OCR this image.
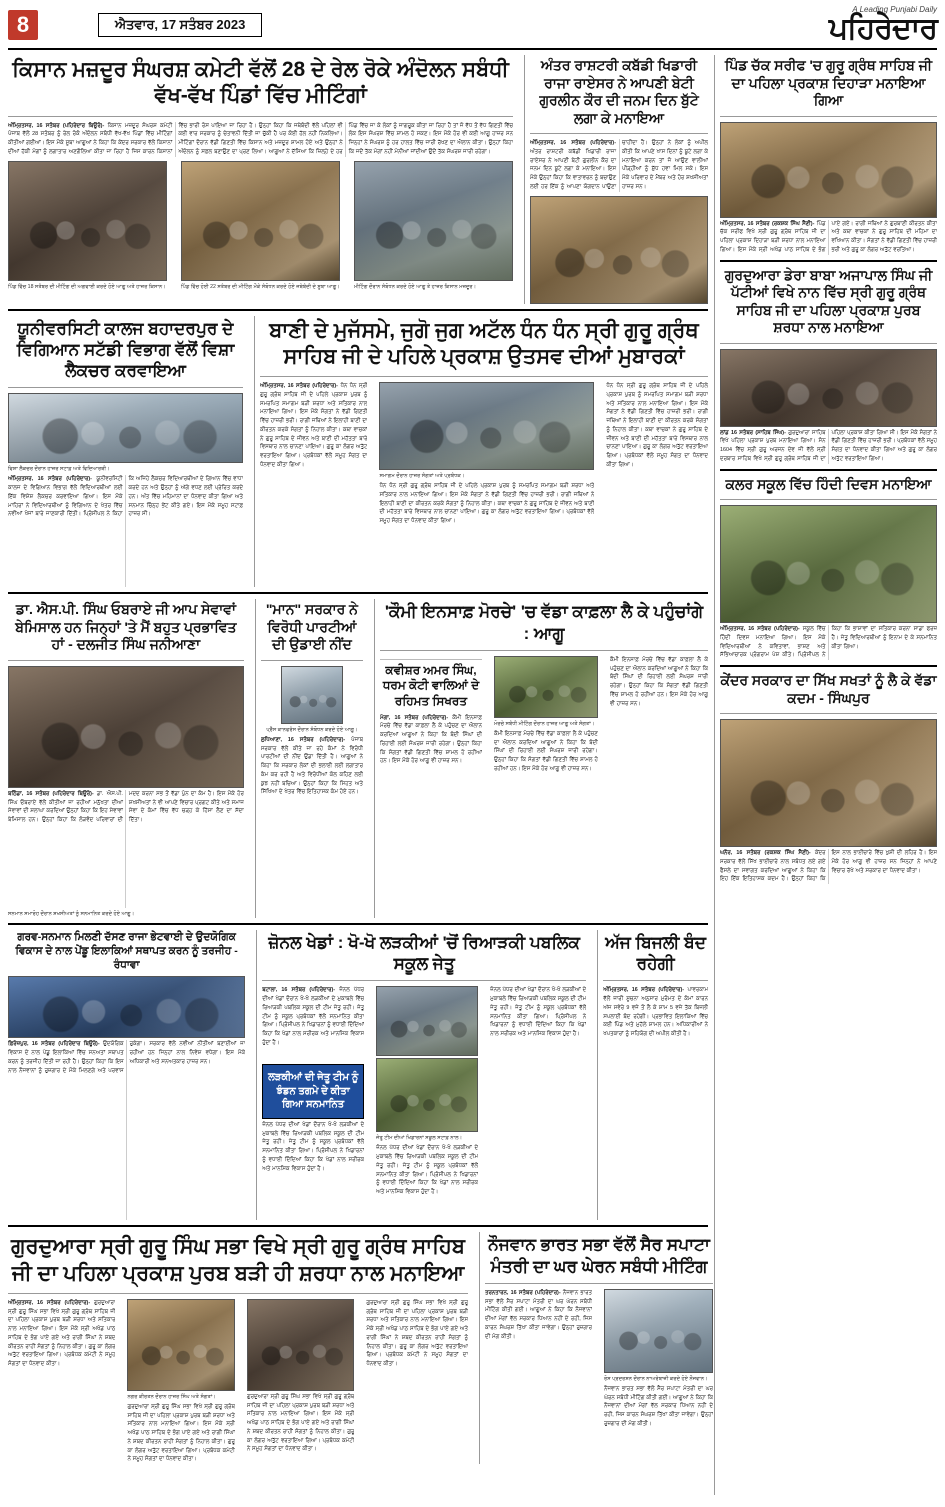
8	ਐਤਵਾਰ, 17 ਸਤੰਬਰ 2023
A Leading Punjabi Daily
ਪਹਿਰੇਦਾਰ
ਕਿਸਾਨ ਮਜ਼ਦੂਰ ਸੰਘਰਸ਼ ਕਮੇਟੀ ਵੱਲੋਂ 28 ਦੇ ਰੇਲ ਰੋਕੇ ਅੰਦੋਲਨ ਸਬੰਧੀ ਵੱਖ-ਵੱਖ ਪਿੰਡਾਂ ਵਿੱਚ ਮੀਟਿੰਗਾਂ
ਅੰਮ੍ਰਿਤਸਰ, 16 ਸਤੰਬਰ (ਪਹਿਰੇਦਾਰ ਬਿਊਰੋ)- ਕਿਸਾਨ ਮਜ਼ਦੂਰ ਸੰਘਰਸ਼ ਕਮੇਟੀ ਪੰਜਾਬ ਵੱਲੋਂ 28 ਸਤੰਬਰ ਨੂੰ ਰੇਲ ਰੋਕੋ ਅੰਦੋਲਨ ਸਬੰਧੀ ਵੱਖ-ਵੱਖ ਪਿੰਡਾਂ ਵਿੱਚ ਮੀਟਿੰਗਾਂ ਕੀਤੀਆਂ ਗਈਆਂ। ਇਸ ਮੌਕੇ ਸੂਬਾ ਆਗੂਆਂ ਨੇ ਕਿਹਾ ਕਿ ਕੇਂਦਰ ਸਰਕਾਰ ਵੱਲੋਂ ਕਿਸਾਨਾਂ ਦੀਆਂ ਹੱਕੀ ਮੰਗਾਂ ਨੂੰ ਲਗਾਤਾਰ ਅਣਗੌਲਿਆ ਕੀਤਾ ਜਾ ਰਿਹਾ ਹੈ ਜਿਸ ਕਾਰਨ ਕਿਸਾਨਾਂ ਵਿੱਚ ਭਾਰੀ ਰੋਸ ਪਾਇਆ ਜਾ ਰਿਹਾ ਹੈ। ਉਨ੍ਹਾਂ ਕਿਹਾ ਕਿ ਜਥੇਬੰਦੀ ਵੱਲੋਂ ਪਹਿਲਾਂ ਵੀ ਕਈ ਵਾਰ ਸਰਕਾਰ ਨੂੰ ਚੇਤਾਵਨੀ ਦਿੱਤੀ ਜਾ ਚੁੱਕੀ ਹੈ ਪਰ ਕੋਈ ਹੱਲ ਨਹੀਂ ਨਿਕਲਿਆ। ਮੀਟਿੰਗਾਂ ਦੌਰਾਨ ਵੱਡੀ ਗਿਣਤੀ ਵਿੱਚ ਕਿਸਾਨ ਅਤੇ ਮਜ਼ਦੂਰ ਸ਼ਾਮਲ ਹੋਏ ਅਤੇ ਉਨ੍ਹਾਂ ਨੇ ਅੰਦੋਲਨ ਨੂੰ ਸਫ਼ਲ ਬਣਾਉਣ ਦਾ ਪ੍ਰਣ ਲਿਆ। ਆਗੂਆਂ ਨੇ ਦੱਸਿਆ ਕਿ ਜ਼ਿਲ੍ਹੇ ਦੇ ਹਰ ਪਿੰਡ ਵਿੱਚ ਜਾ ਕੇ ਲੋਕਾਂ ਨੂੰ ਜਾਗਰੂਕ ਕੀਤਾ ਜਾ ਰਿਹਾ ਹੈ ਤਾਂ ਜੋ ਵੱਧ ਤੋਂ ਵੱਧ ਗਿਣਤੀ ਵਿੱਚ ਲੋਕ ਇਸ ਸੰਘਰਸ਼ ਵਿੱਚ ਸ਼ਾਮਲ ਹੋ ਸਕਣ। ਇਸ ਮੌਕੇ ਹੋਰ ਵੀ ਕਈ ਆਗੂ ਹਾਜ਼ਰ ਸਨ ਜਿਨ੍ਹਾਂ ਨੇ ਸੰਘਰਸ਼ ਨੂੰ ਹਰ ਹਾਲਤ ਵਿੱਚ ਜਾਰੀ ਰੱਖਣ ਦਾ ਐਲਾਨ ਕੀਤਾ। ਉਨ੍ਹਾਂ ਕਿਹਾ ਕਿ ਜਦੋਂ ਤੱਕ ਮੰਗਾਂ ਨਹੀਂ ਮੰਨੀਆਂ ਜਾਂਦੀਆਂ ਉਦੋਂ ਤੱਕ ਸੰਘਰਸ਼ ਜਾਰੀ ਰਹੇਗਾ।
ਪਿੰਡ ਵਿੱਚ 18 ਸਤੰਬਰ ਦੀ ਮੀਟਿੰਗ ਦੀ ਅਗਵਾਈ ਕਰਦੇ ਹੋਏ ਆਗੂ ਅਤੇ ਹਾਜ਼ਰ ਕਿਸਾਨ।	ਪਿੰਡ ਵਿੱਚ ਹੋਈ 22 ਸਤੰਬਰ ਦੀ ਮੀਟਿੰਗ ਮੌਕੇ ਸੰਬੋਧਨ ਕਰਦੇ ਹੋਏ ਜਥੇਬੰਦੀ ਦੇ ਸੂਬਾ ਆਗੂ।	ਮੀਟਿੰਗ ਦੌਰਾਨ ਸੰਬੋਧਨ ਕਰਦੇ ਹੋਏ ਆਗੂ ਤੇ ਹਾਜ਼ਰ ਕਿਸਾਨ ਮਜ਼ਦੂਰ।
ਅੰਤਰ ਰਾਸ਼ਟਰੀ ਕਬੱਡੀ ਖਿਡਾਰੀ ਰਾਜਾ ਰਾਏਸਰ ਨੇ ਆਪਣੀ ਬੇਟੀ ਗੁਰਲੀਨ ਕੌਰ ਦੀ ਜਨਮ ਦਿਨ ਬੁੱਟੇ ਲਗਾ ਕੇ ਮਨਾਇਆ
ਅੰਮ੍ਰਿਤਸਰ, 16 ਸਤੰਬਰ (ਪਹਿਰੇਦਾਰ)- ਅੰਤਰ ਰਾਸ਼ਟਰੀ ਕਬੱਡੀ ਖਿਡਾਰੀ ਰਾਜਾ ਰਾਏਸਰ ਨੇ ਆਪਣੀ ਬੇਟੀ ਗੁਰਲੀਨ ਕੌਰ ਦਾ ਜਨਮ ਦਿਨ ਬੂਟੇ ਲਗਾ ਕੇ ਮਨਾਇਆ। ਇਸ ਮੌਕੇ ਉਨ੍ਹਾਂ ਕਿਹਾ ਕਿ ਵਾਤਾਵਰਨ ਨੂੰ ਬਚਾਉਣ ਲਈ ਹਰ ਇੱਕ ਨੂੰ ਆਪਣਾ ਯੋਗਦਾਨ ਪਾਉਣਾ ਚਾਹੀਦਾ ਹੈ। ਉਨ੍ਹਾਂ ਨੇ ਲੋਕਾਂ ਨੂੰ ਅਪੀਲ ਕੀਤੀ ਕਿ ਆਪਣੇ ਖਾਸ ਦਿਨਾਂ ਨੂੰ ਬੂਟੇ ਲਗਾ ਕੇ ਮਨਾਇਆ ਕਰਨ ਤਾਂ ਜੋ ਆਉਣ ਵਾਲੀਆਂ ਪੀੜ੍ਹੀਆਂ ਨੂੰ ਸ਼ੁੱਧ ਹਵਾ ਮਿਲ ਸਕੇ। ਇਸ ਮੌਕੇ ਪਰਿਵਾਰ ਦੇ ਮੈਂਬਰ ਅਤੇ ਹੋਰ ਸ਼ਖਸੀਅਤਾਂ ਹਾਜ਼ਰ ਸਨ।
ਯੂਨੀਵਰਸਿਟੀ ਕਾਲਜ ਬਹਾਦਰਪੁਰ ਦੇ ਵਿਗਿਆਨ ਸਟੱਡੀ ਵਿਭਾਗ ਵੱਲੋਂ ਵਿਸ਼ਾ ਲੈਕਚਰ ਕਰਵਾਇਆ
ਵਿਸ਼ਾ ਲੈਕਚਰ ਦੌਰਾਨ ਹਾਜ਼ਰ ਸਟਾਫ਼ ਅਤੇ ਵਿਦਿਆਰਥੀ।
ਅੰਮ੍ਰਿਤਸਰ, 16 ਸਤੰਬਰ (ਪਹਿਰੇਦਾਰ)- ਯੂਨੀਵਰਸਿਟੀ ਕਾਲਜ ਦੇ ਵਿਗਿਆਨ ਵਿਭਾਗ ਵੱਲੋਂ ਵਿਦਿਆਰਥੀਆਂ ਲਈ ਇੱਕ ਵਿਸ਼ੇਸ਼ ਲੈਕਚਰ ਕਰਵਾਇਆ ਗਿਆ। ਇਸ ਮੌਕੇ ਮਾਹਿਰਾਂ ਨੇ ਵਿਦਿਆਰਥੀਆਂ ਨੂੰ ਵਿਗਿਆਨ ਦੇ ਖੇਤਰ ਵਿੱਚ ਨਵੀਆਂ ਖੋਜਾਂ ਬਾਰੇ ਜਾਣਕਾਰੀ ਦਿੱਤੀ। ਪ੍ਰਿੰਸੀਪਲ ਨੇ ਕਿਹਾ ਕਿ ਅਜਿਹੇ ਲੈਕਚਰ ਵਿਦਿਆਰਥੀਆਂ ਦੇ ਗਿਆਨ ਵਿੱਚ ਵਾਧਾ ਕਰਦੇ ਹਨ ਅਤੇ ਉਨ੍ਹਾਂ ਨੂੰ ਅੱਗੇ ਵਧਣ ਲਈ ਪ੍ਰੇਰਿਤ ਕਰਦੇ ਹਨ। ਅੰਤ ਵਿੱਚ ਮਹਿਮਾਨਾਂ ਦਾ ਧੰਨਵਾਦ ਕੀਤਾ ਗਿਆ ਅਤੇ ਸਨਮਾਨ ਚਿੰਨ੍ਹ ਭੇਂਟ ਕੀਤੇ ਗਏ। ਇਸ ਮੌਕੇ ਸਮੂਹ ਸਟਾਫ਼ ਹਾਜ਼ਰ ਸੀ।
ਬਾਣੀ ਦੇ ਮੁਜੱਸਮੇ, ਜੁਗੋ ਜੁਗ ਅਟੱਲ ਧੰਨ ਧੰਨ ਸ੍ਰੀ ਗੁਰੂ ਗ੍ਰੰਥ ਸਾਹਿਬ ਜੀ ਦੇ ਪਹਿਲੇ ਪ੍ਰਕਾਸ਼ ਉਤਸਵ ਦੀਆਂ ਮੁਬਾਰਕਾਂ
ਅੰਮ੍ਰਿਤਸਰ, 16 ਸਤੰਬਰ (ਪਹਿਰੇਦਾਰ)- ਧੰਨ ਧੰਨ ਸ੍ਰੀ ਗੁਰੂ ਗ੍ਰੰਥ ਸਾਹਿਬ ਜੀ ਦੇ ਪਹਿਲੇ ਪ੍ਰਕਾਸ਼ ਪੁਰਬ ਨੂੰ ਸਮਰਪਿਤ ਸਮਾਗਮ ਬੜੀ ਸ਼ਰਧਾ ਅਤੇ ਸਤਿਕਾਰ ਨਾਲ ਮਨਾਇਆ ਗਿਆ। ਇਸ ਮੌਕੇ ਸੰਗਤਾਂ ਨੇ ਵੱਡੀ ਗਿਣਤੀ ਵਿੱਚ ਹਾਜ਼ਰੀ ਭਰੀ। ਰਾਗੀ ਜਥਿਆਂ ਨੇ ਇਲਾਹੀ ਬਾਣੀ ਦਾ ਕੀਰਤਨ ਕਰਕੇ ਸੰਗਤਾਂ ਨੂੰ ਨਿਹਾਲ ਕੀਤਾ। ਕਥਾ ਵਾਚਕਾਂ ਨੇ ਗੁਰੂ ਸਾਹਿਬ ਦੇ ਜੀਵਨ ਅਤੇ ਬਾਣੀ ਦੀ ਮਹੱਤਤਾ ਬਾਰੇ ਵਿਸਥਾਰ ਨਾਲ ਚਾਨਣਾ ਪਾਇਆ। ਗੁਰੂ ਕਾ ਲੰਗਰ ਅਤੁੱਟ ਵਰਤਾਇਆ ਗਿਆ। ਪ੍ਰਬੰਧਕਾਂ ਵੱਲੋਂ ਸਮੂਹ ਸੰਗਤ ਦਾ ਧੰਨਵਾਦ ਕੀਤਾ ਗਿਆ।
ਸਮਾਗਮ ਦੌਰਾਨ ਹਾਜ਼ਰ ਸੰਗਤਾਂ ਅਤੇ ਪ੍ਰਬੰਧਕ।
ਧੰਨ ਧੰਨ ਸ੍ਰੀ ਗੁਰੂ ਗ੍ਰੰਥ ਸਾਹਿਬ ਜੀ ਦੇ ਪਹਿਲੇ ਪ੍ਰਕਾਸ਼ ਪੁਰਬ ਨੂੰ ਸਮਰਪਿਤ ਸਮਾਗਮ ਬੜੀ ਸ਼ਰਧਾ ਅਤੇ ਸਤਿਕਾਰ ਨਾਲ ਮਨਾਇਆ ਗਿਆ। ਇਸ ਮੌਕੇ ਸੰਗਤਾਂ ਨੇ ਵੱਡੀ ਗਿਣਤੀ ਵਿੱਚ ਹਾਜ਼ਰੀ ਭਰੀ। ਰਾਗੀ ਜਥਿਆਂ ਨੇ ਇਲਾਹੀ ਬਾਣੀ ਦਾ ਕੀਰਤਨ ਕਰਕੇ ਸੰਗਤਾਂ ਨੂੰ ਨਿਹਾਲ ਕੀਤਾ। ਕਥਾ ਵਾਚਕਾਂ ਨੇ ਗੁਰੂ ਸਾਹਿਬ ਦੇ ਜੀਵਨ ਅਤੇ ਬਾਣੀ ਦੀ ਮਹੱਤਤਾ ਬਾਰੇ ਵਿਸਥਾਰ ਨਾਲ ਚਾਨਣਾ ਪਾਇਆ। ਗੁਰੂ ਕਾ ਲੰਗਰ ਅਤੁੱਟ ਵਰਤਾਇਆ ਗਿਆ। ਪ੍ਰਬੰਧਕਾਂ ਵੱਲੋਂ ਸਮੂਹ ਸੰਗਤ ਦਾ ਧੰਨਵਾਦ ਕੀਤਾ ਗਿਆ।
ਧੰਨ ਧੰਨ ਸ੍ਰੀ ਗੁਰੂ ਗ੍ਰੰਥ ਸਾਹਿਬ ਜੀ ਦੇ ਪਹਿਲੇ ਪ੍ਰਕਾਸ਼ ਪੁਰਬ ਨੂੰ ਸਮਰਪਿਤ ਸਮਾਗਮ ਬੜੀ ਸ਼ਰਧਾ ਅਤੇ ਸਤਿਕਾਰ ਨਾਲ ਮਨਾਇਆ ਗਿਆ। ਇਸ ਮੌਕੇ ਸੰਗਤਾਂ ਨੇ ਵੱਡੀ ਗਿਣਤੀ ਵਿੱਚ ਹਾਜ਼ਰੀ ਭਰੀ। ਰਾਗੀ ਜਥਿਆਂ ਨੇ ਇਲਾਹੀ ਬਾਣੀ ਦਾ ਕੀਰਤਨ ਕਰਕੇ ਸੰਗਤਾਂ ਨੂੰ ਨਿਹਾਲ ਕੀਤਾ। ਕਥਾ ਵਾਚਕਾਂ ਨੇ ਗੁਰੂ ਸਾਹਿਬ ਦੇ ਜੀਵਨ ਅਤੇ ਬਾਣੀ ਦੀ ਮਹੱਤਤਾ ਬਾਰੇ ਵਿਸਥਾਰ ਨਾਲ ਚਾਨਣਾ ਪਾਇਆ। ਗੁਰੂ ਕਾ ਲੰਗਰ ਅਤੁੱਟ ਵਰਤਾਇਆ ਗਿਆ। ਪ੍ਰਬੰਧਕਾਂ ਵੱਲੋਂ ਸਮੂਹ ਸੰਗਤ ਦਾ ਧੰਨਵਾਦ ਕੀਤਾ ਗਿਆ।
ਡਾ. ਐਸ.ਪੀ. ਸਿੰਘ ਓਬਰਾਏ ਜੀ ਆਪ ਸੇਵਾਵਾਂ ਬੇਮਿਸਾਲ ਹਨ ਜਿਨ੍ਹਾਂ 'ਤੇ ਮੈਂ ਬਹੁਤ ਪ੍ਰਭਾਵਿਤ ਹਾਂ - ਦਲਜੀਤ ਸਿੰਘ ਜਨੀਆਣਾ
ਬਠਿੰਡਾ, 16 ਸਤੰਬਰ (ਪਹਿਰੇਦਾਰ ਬਿਊਰੋ)- ਡਾ. ਐਸ.ਪੀ. ਸਿੰਘ ਓਬਰਾਏ ਵੱਲੋਂ ਕੀਤੀਆਂ ਜਾ ਰਹੀਆਂ ਮਨੁੱਖਤਾ ਦੀਆਂ ਸੇਵਾਵਾਂ ਦੀ ਸ਼ਲਾਘਾ ਕਰਦਿਆਂ ਉਨ੍ਹਾਂ ਕਿਹਾ ਕਿ ਇਹ ਸੇਵਾਵਾਂ ਬੇਮਿਸਾਲ ਹਨ। ਉਨ੍ਹਾਂ ਕਿਹਾ ਕਿ ਲੋੜਵੰਦ ਪਰਿਵਾਰਾਂ ਦੀ ਮਦਦ ਕਰਨਾ ਸਭ ਤੋਂ ਵੱਡਾ ਪੁੰਨ ਦਾ ਕੰਮ ਹੈ। ਇਸ ਮੌਕੇ ਹੋਰ ਸ਼ਖਸੀਅਤਾਂ ਨੇ ਵੀ ਆਪਣੇ ਵਿਚਾਰ ਪ੍ਰਗਟ ਕੀਤੇ ਅਤੇ ਸਮਾਜ ਸੇਵਾ ਦੇ ਕੰਮਾਂ ਵਿੱਚ ਵੱਧ ਚੜ੍ਹ ਕੇ ਹਿੱਸਾ ਲੈਣ ਦਾ ਸੱਦਾ ਦਿੱਤਾ।
ਸਨਮਾਨ ਸਮਾਰੋਹ ਦੌਰਾਨ ਸ਼ਖਸੀਅਤਾਂ ਨੂੰ ਸਨਮਾਨਿਤ ਕਰਦੇ ਹੋਏ ਆਗੂ।
"ਮਾਨ" ਸਰਕਾਰ ਨੇ ਵਿਰੋਧੀ ਪਾਰਟੀਆਂ ਦੀ ਉਡਾਈ ਨੀਂਦ
ਪ੍ਰੈੱਸ ਕਾਨਫਰੰਸ ਦੌਰਾਨ ਸੰਬੋਧਨ ਕਰਦੇ ਹੋਏ ਆਗੂ।
ਲੁਧਿਆਣਾ, 16 ਸਤੰਬਰ (ਪਹਿਰੇਦਾਰ)- ਪੰਜਾਬ ਸਰਕਾਰ ਵੱਲੋਂ ਕੀਤੇ ਜਾ ਰਹੇ ਕੰਮਾਂ ਨੇ ਵਿਰੋਧੀ ਪਾਰਟੀਆਂ ਦੀ ਨੀਂਦ ਉਡਾ ਦਿੱਤੀ ਹੈ। ਆਗੂਆਂ ਨੇ ਕਿਹਾ ਕਿ ਸਰਕਾਰ ਲੋਕਾਂ ਦੀ ਭਲਾਈ ਲਈ ਲਗਾਤਾਰ ਕੰਮ ਕਰ ਰਹੀ ਹੈ ਅਤੇ ਵਿਰੋਧੀਆਂ ਕੋਲ ਕਹਿਣ ਲਈ ਕੁਝ ਨਹੀਂ ਬਚਿਆ। ਉਨ੍ਹਾਂ ਕਿਹਾ ਕਿ ਸਿਹਤ ਅਤੇ ਸਿੱਖਿਆ ਦੇ ਖੇਤਰ ਵਿੱਚ ਇਤਿਹਾਸਕ ਕੰਮ ਹੋਏ ਹਨ।
'ਕੌਮੀ ਇਨਸਾਫ਼ ਮੋਰਚੇ' 'ਚ ਵੱਡਾ ਕਾਫ਼ਲਾ ਲੈ ਕੇ ਪਹੁੰਚਾਂਗੇ : ਆਗੂ
ਕਵੀਸ਼ਰ ਅਮਰ ਸਿੰਘ, ਧਰਮ ਕੋਟੀ ਵਾਲਿਆਂ ਦੇ ਰਹਿਮਤ ਸਿਖਰਤ
ਮੋਗਾ, 16 ਸਤੰਬਰ (ਪਹਿਰੇਦਾਰ)- ਕੌਮੀ ਇਨਸਾਫ਼ ਮੋਰਚੇ ਵਿੱਚ ਵੱਡਾ ਕਾਫ਼ਲਾ ਲੈ ਕੇ ਪਹੁੰਚਣ ਦਾ ਐਲਾਨ ਕਰਦਿਆਂ ਆਗੂਆਂ ਨੇ ਕਿਹਾ ਕਿ ਬੰਦੀ ਸਿੰਘਾਂ ਦੀ ਰਿਹਾਈ ਲਈ ਸੰਘਰਸ਼ ਜਾਰੀ ਰਹੇਗਾ। ਉਨ੍ਹਾਂ ਕਿਹਾ ਕਿ ਸੰਗਤਾਂ ਵੱਡੀ ਗਿਣਤੀ ਵਿੱਚ ਸ਼ਾਮਲ ਹੋ ਰਹੀਆਂ ਹਨ। ਇਸ ਮੌਕੇ ਹੋਰ ਆਗੂ ਵੀ ਹਾਜ਼ਰ ਸਨ।
ਮੋਰਚੇ ਸਬੰਧੀ ਮੀਟਿੰਗ ਦੌਰਾਨ ਹਾਜ਼ਰ ਆਗੂ ਅਤੇ ਸੰਗਤਾਂ।
ਕੌਮੀ ਇਨਸਾਫ਼ ਮੋਰਚੇ ਵਿੱਚ ਵੱਡਾ ਕਾਫ਼ਲਾ ਲੈ ਕੇ ਪਹੁੰਚਣ ਦਾ ਐਲਾਨ ਕਰਦਿਆਂ ਆਗੂਆਂ ਨੇ ਕਿਹਾ ਕਿ ਬੰਦੀ ਸਿੰਘਾਂ ਦੀ ਰਿਹਾਈ ਲਈ ਸੰਘਰਸ਼ ਜਾਰੀ ਰਹੇਗਾ। ਉਨ੍ਹਾਂ ਕਿਹਾ ਕਿ ਸੰਗਤਾਂ ਵੱਡੀ ਗਿਣਤੀ ਵਿੱਚ ਸ਼ਾਮਲ ਹੋ ਰਹੀਆਂ ਹਨ। ਇਸ ਮੌਕੇ ਹੋਰ ਆਗੂ ਵੀ ਹਾਜ਼ਰ ਸਨ।
ਕੌਮੀ ਇਨਸਾਫ਼ ਮੋਰਚੇ ਵਿੱਚ ਵੱਡਾ ਕਾਫ਼ਲਾ ਲੈ ਕੇ ਪਹੁੰਚਣ ਦਾ ਐਲਾਨ ਕਰਦਿਆਂ ਆਗੂਆਂ ਨੇ ਕਿਹਾ ਕਿ ਬੰਦੀ ਸਿੰਘਾਂ ਦੀ ਰਿਹਾਈ ਲਈ ਸੰਘਰਸ਼ ਜਾਰੀ ਰਹੇਗਾ। ਉਨ੍ਹਾਂ ਕਿਹਾ ਕਿ ਸੰਗਤਾਂ ਵੱਡੀ ਗਿਣਤੀ ਵਿੱਚ ਸ਼ਾਮਲ ਹੋ ਰਹੀਆਂ ਹਨ। ਇਸ ਮੌਕੇ ਹੋਰ ਆਗੂ ਵੀ ਹਾਜ਼ਰ ਸਨ।
ਗਰਵ-ਸਨਮਾਨ ਮਿਲਣੀ ਦੱਸਣ ਰਾਜਾ ਭੇਟਵਾਈ ਦੇ ਉਦਯੋਗਿਕ ਵਿਕਾਸ ਦੇ ਨਾਲ ਪੇਂਡੂ ਇਲਾਕਿਆਂ ਸਥਾਪਤ ਕਰਨ ਨੂੰ ਤਰਜੀਹ - ਰੰਧਾਵਾ
ਫ਼ਿਰੋਜ਼ਪੁਰ, 16 ਸਤੰਬਰ (ਪਹਿਰੇਦਾਰ ਬਿਊਰੋ)- ਉਦਯੋਗਿਕ ਵਿਕਾਸ ਦੇ ਨਾਲ ਪੇਂਡੂ ਇਲਾਕਿਆਂ ਵਿੱਚ ਸਨਅਤਾਂ ਸਥਾਪਤ ਕਰਨ ਨੂੰ ਤਰਜੀਹ ਦਿੱਤੀ ਜਾ ਰਹੀ ਹੈ। ਉਨ੍ਹਾਂ ਕਿਹਾ ਕਿ ਇਸ ਨਾਲ ਨੌਜਵਾਨਾਂ ਨੂੰ ਰੁਜ਼ਗਾਰ ਦੇ ਮੌਕੇ ਮਿਲਣਗੇ ਅਤੇ ਪਰਵਾਸ ਰੁਕੇਗਾ। ਸਰਕਾਰ ਵੱਲੋਂ ਨਵੀਆਂ ਨੀਤੀਆਂ ਬਣਾਈਆਂ ਜਾ ਰਹੀਆਂ ਹਨ ਜਿਨ੍ਹਾਂ ਨਾਲ ਨਿਵੇਸ਼ ਵਧੇਗਾ। ਇਸ ਮੌਕੇ ਅਧਿਕਾਰੀ ਅਤੇ ਸਨਅਤਕਾਰ ਹਾਜ਼ਰ ਸਨ।
ਜ਼ੋਨਲ ਖੇਡਾਂ : ਖੋ-ਖੋ ਲੜਕੀਆਂ 'ਚੋਂ ਰਿਆੜਕੀ ਪਬਲਿਕ ਸਕੂਲ ਜੇਤੂ
ਬਟਾਲਾ, 16 ਸਤੰਬਰ (ਪਹਿਰੇਦਾਰ)- ਜ਼ੋਨਲ ਪੱਧਰ ਦੀਆਂ ਖੇਡਾਂ ਦੌਰਾਨ ਖੋ-ਖੋ ਲੜਕੀਆਂ ਦੇ ਮੁਕਾਬਲੇ ਵਿੱਚ ਰਿਆੜਕੀ ਪਬਲਿਕ ਸਕੂਲ ਦੀ ਟੀਮ ਜੇਤੂ ਰਹੀ। ਜੇਤੂ ਟੀਮ ਨੂੰ ਸਕੂਲ ਪ੍ਰਬੰਧਕਾਂ ਵੱਲੋਂ ਸਨਮਾਨਿਤ ਕੀਤਾ ਗਿਆ। ਪ੍ਰਿੰਸੀਪਲ ਨੇ ਖਿਡਾਰਨਾਂ ਨੂੰ ਵਧਾਈ ਦਿੰਦਿਆਂ ਕਿਹਾ ਕਿ ਖੇਡਾਂ ਨਾਲ ਸਰੀਰਕ ਅਤੇ ਮਾਨਸਿਕ ਵਿਕਾਸ ਹੁੰਦਾ ਹੈ।
ਲੜਕੀਆਂ ਦੀ ਜੇਤੂ ਟੀਮ ਨੂੰ ਝੰਡਨ ਤਗਮੇ ਦੇ ਕੀਤਾ ਗਿਆ ਸਨਮਾਨਿਤ
ਜ਼ੋਨਲ ਪੱਧਰ ਦੀਆਂ ਖੇਡਾਂ ਦੌਰਾਨ ਖੋ-ਖੋ ਲੜਕੀਆਂ ਦੇ ਮੁਕਾਬਲੇ ਵਿੱਚ ਰਿਆੜਕੀ ਪਬਲਿਕ ਸਕੂਲ ਦੀ ਟੀਮ ਜੇਤੂ ਰਹੀ। ਜੇਤੂ ਟੀਮ ਨੂੰ ਸਕੂਲ ਪ੍ਰਬੰਧਕਾਂ ਵੱਲੋਂ ਸਨਮਾਨਿਤ ਕੀਤਾ ਗਿਆ। ਪ੍ਰਿੰਸੀਪਲ ਨੇ ਖਿਡਾਰਨਾਂ ਨੂੰ ਵਧਾਈ ਦਿੰਦਿਆਂ ਕਿਹਾ ਕਿ ਖੇਡਾਂ ਨਾਲ ਸਰੀਰਕ ਅਤੇ ਮਾਨਸਿਕ ਵਿਕਾਸ ਹੁੰਦਾ ਹੈ।
ਜੇਤੂ ਟੀਮ ਦੀਆਂ ਖਿਡਾਰਨਾਂ ਸਕੂਲ ਸਟਾਫ਼ ਨਾਲ।
ਜ਼ੋਨਲ ਪੱਧਰ ਦੀਆਂ ਖੇਡਾਂ ਦੌਰਾਨ ਖੋ-ਖੋ ਲੜਕੀਆਂ ਦੇ ਮੁਕਾਬਲੇ ਵਿੱਚ ਰਿਆੜਕੀ ਪਬਲਿਕ ਸਕੂਲ ਦੀ ਟੀਮ ਜੇਤੂ ਰਹੀ। ਜੇਤੂ ਟੀਮ ਨੂੰ ਸਕੂਲ ਪ੍ਰਬੰਧਕਾਂ ਵੱਲੋਂ ਸਨਮਾਨਿਤ ਕੀਤਾ ਗਿਆ। ਪ੍ਰਿੰਸੀਪਲ ਨੇ ਖਿਡਾਰਨਾਂ ਨੂੰ ਵਧਾਈ ਦਿੰਦਿਆਂ ਕਿਹਾ ਕਿ ਖੇਡਾਂ ਨਾਲ ਸਰੀਰਕ ਅਤੇ ਮਾਨਸਿਕ ਵਿਕਾਸ ਹੁੰਦਾ ਹੈ।
ਜ਼ੋਨਲ ਪੱਧਰ ਦੀਆਂ ਖੇਡਾਂ ਦੌਰਾਨ ਖੋ-ਖੋ ਲੜਕੀਆਂ ਦੇ ਮੁਕਾਬਲੇ ਵਿੱਚ ਰਿਆੜਕੀ ਪਬਲਿਕ ਸਕੂਲ ਦੀ ਟੀਮ ਜੇਤੂ ਰਹੀ। ਜੇਤੂ ਟੀਮ ਨੂੰ ਸਕੂਲ ਪ੍ਰਬੰਧਕਾਂ ਵੱਲੋਂ ਸਨਮਾਨਿਤ ਕੀਤਾ ਗਿਆ। ਪ੍ਰਿੰਸੀਪਲ ਨੇ ਖਿਡਾਰਨਾਂ ਨੂੰ ਵਧਾਈ ਦਿੰਦਿਆਂ ਕਿਹਾ ਕਿ ਖੇਡਾਂ ਨਾਲ ਸਰੀਰਕ ਅਤੇ ਮਾਨਸਿਕ ਵਿਕਾਸ ਹੁੰਦਾ ਹੈ।
ਅੱਜ ਬਿਜਲੀ ਬੰਦ ਰਹੇਗੀ
ਅੰਮ੍ਰਿਤਸਰ, 16 ਸਤੰਬਰ (ਪਹਿਰੇਦਾਰ)- ਪਾਵਰਕਾਮ ਵੱਲੋਂ ਜਾਰੀ ਸੂਚਨਾ ਅਨੁਸਾਰ ਮੁਰੰਮਤ ਦੇ ਕੰਮਾਂ ਕਾਰਨ ਅੱਜ ਸਵੇਰੇ 9 ਵਜੇ ਤੋਂ ਲੈ ਕੇ ਸ਼ਾਮ 5 ਵਜੇ ਤੱਕ ਬਿਜਲੀ ਸਪਲਾਈ ਬੰਦ ਰਹੇਗੀ। ਪ੍ਰਭਾਵਿਤ ਇਲਾਕਿਆਂ ਵਿੱਚ ਕਈ ਪਿੰਡ ਅਤੇ ਮੁਹੱਲੇ ਸ਼ਾਮਲ ਹਨ। ਅਧਿਕਾਰੀਆਂ ਨੇ ਖਪਤਕਾਰਾਂ ਨੂੰ ਸਹਿਯੋਗ ਦੀ ਅਪੀਲ ਕੀਤੀ ਹੈ।
ਗੁਰਦੁਆਰਾ ਸ੍ਰੀ ਗੁਰੂ ਸਿੰਘ ਸਭਾ ਵਿਖੇ ਸ੍ਰੀ ਗੁਰੂ ਗ੍ਰੰਥ ਸਾਹਿਬ ਜੀ ਦਾ ਪਹਿਲਾ ਪ੍ਰਕਾਸ਼ ਪੁਰਬ ਬੜੀ ਹੀ ਸ਼ਰਧਾ ਨਾਲ ਮਨਾਇਆ
ਅੰਮ੍ਰਿਤਸਰ, 16 ਸਤੰਬਰ (ਪਹਿਰੇਦਾਰ)- ਗੁਰਦੁਆਰਾ ਸ੍ਰੀ ਗੁਰੂ ਸਿੰਘ ਸਭਾ ਵਿਖੇ ਸ੍ਰੀ ਗੁਰੂ ਗ੍ਰੰਥ ਸਾਹਿਬ ਜੀ ਦਾ ਪਹਿਲਾ ਪ੍ਰਕਾਸ਼ ਪੁਰਬ ਬੜੀ ਸ਼ਰਧਾ ਅਤੇ ਸਤਿਕਾਰ ਨਾਲ ਮਨਾਇਆ ਗਿਆ। ਇਸ ਮੌਕੇ ਸ੍ਰੀ ਅਖੰਡ ਪਾਠ ਸਾਹਿਬ ਦੇ ਭੋਗ ਪਾਏ ਗਏ ਅਤੇ ਰਾਗੀ ਸਿੰਘਾਂ ਨੇ ਸ਼ਬਦ ਕੀਰਤਨ ਰਾਹੀਂ ਸੰਗਤਾਂ ਨੂੰ ਨਿਹਾਲ ਕੀਤਾ। ਗੁਰੂ ਕਾ ਲੰਗਰ ਅਤੁੱਟ ਵਰਤਾਇਆ ਗਿਆ। ਪ੍ਰਬੰਧਕ ਕਮੇਟੀ ਨੇ ਸਮੂਹ ਸੰਗਤਾਂ ਦਾ ਧੰਨਵਾਦ ਕੀਤਾ।
ਨਗਰ ਕੀਰਤਨ ਦੌਰਾਨ ਹਾਜ਼ਰ ਸਿੰਘ ਅਤੇ ਸੰਗਤਾਂ।
ਗੁਰਦੁਆਰਾ ਸ੍ਰੀ ਗੁਰੂ ਸਿੰਘ ਸਭਾ ਵਿਖੇ ਸ੍ਰੀ ਗੁਰੂ ਗ੍ਰੰਥ ਸਾਹਿਬ ਜੀ ਦਾ ਪਹਿਲਾ ਪ੍ਰਕਾਸ਼ ਪੁਰਬ ਬੜੀ ਸ਼ਰਧਾ ਅਤੇ ਸਤਿਕਾਰ ਨਾਲ ਮਨਾਇਆ ਗਿਆ। ਇਸ ਮੌਕੇ ਸ੍ਰੀ ਅਖੰਡ ਪਾਠ ਸਾਹਿਬ ਦੇ ਭੋਗ ਪਾਏ ਗਏ ਅਤੇ ਰਾਗੀ ਸਿੰਘਾਂ ਨੇ ਸ਼ਬਦ ਕੀਰਤਨ ਰਾਹੀਂ ਸੰਗਤਾਂ ਨੂੰ ਨਿਹਾਲ ਕੀਤਾ। ਗੁਰੂ ਕਾ ਲੰਗਰ ਅਤੁੱਟ ਵਰਤਾਇਆ ਗਿਆ। ਪ੍ਰਬੰਧਕ ਕਮੇਟੀ ਨੇ ਸਮੂਹ ਸੰਗਤਾਂ ਦਾ ਧੰਨਵਾਦ ਕੀਤਾ।
ਗੁਰਦੁਆਰਾ ਸ੍ਰੀ ਗੁਰੂ ਸਿੰਘ ਸਭਾ ਵਿਖੇ ਸ੍ਰੀ ਗੁਰੂ ਗ੍ਰੰਥ ਸਾਹਿਬ ਜੀ ਦਾ ਪਹਿਲਾ ਪ੍ਰਕਾਸ਼ ਪੁਰਬ ਬੜੀ ਸ਼ਰਧਾ ਅਤੇ ਸਤਿਕਾਰ ਨਾਲ ਮਨਾਇਆ ਗਿਆ। ਇਸ ਮੌਕੇ ਸ੍ਰੀ ਅਖੰਡ ਪਾਠ ਸਾਹਿਬ ਦੇ ਭੋਗ ਪਾਏ ਗਏ ਅਤੇ ਰਾਗੀ ਸਿੰਘਾਂ ਨੇ ਸ਼ਬਦ ਕੀਰਤਨ ਰਾਹੀਂ ਸੰਗਤਾਂ ਨੂੰ ਨਿਹਾਲ ਕੀਤਾ। ਗੁਰੂ ਕਾ ਲੰਗਰ ਅਤੁੱਟ ਵਰਤਾਇਆ ਗਿਆ। ਪ੍ਰਬੰਧਕ ਕਮੇਟੀ ਨੇ ਸਮੂਹ ਸੰਗਤਾਂ ਦਾ ਧੰਨਵਾਦ ਕੀਤਾ।
ਗੁਰਦੁਆਰਾ ਸ੍ਰੀ ਗੁਰੂ ਸਿੰਘ ਸਭਾ ਵਿਖੇ ਸ੍ਰੀ ਗੁਰੂ ਗ੍ਰੰਥ ਸਾਹਿਬ ਜੀ ਦਾ ਪਹਿਲਾ ਪ੍ਰਕਾਸ਼ ਪੁਰਬ ਬੜੀ ਸ਼ਰਧਾ ਅਤੇ ਸਤਿਕਾਰ ਨਾਲ ਮਨਾਇਆ ਗਿਆ। ਇਸ ਮੌਕੇ ਸ੍ਰੀ ਅਖੰਡ ਪਾਠ ਸਾਹਿਬ ਦੇ ਭੋਗ ਪਾਏ ਗਏ ਅਤੇ ਰਾਗੀ ਸਿੰਘਾਂ ਨੇ ਸ਼ਬਦ ਕੀਰਤਨ ਰਾਹੀਂ ਸੰਗਤਾਂ ਨੂੰ ਨਿਹਾਲ ਕੀਤਾ। ਗੁਰੂ ਕਾ ਲੰਗਰ ਅਤੁੱਟ ਵਰਤਾਇਆ ਗਿਆ। ਪ੍ਰਬੰਧਕ ਕਮੇਟੀ ਨੇ ਸਮੂਹ ਸੰਗਤਾਂ ਦਾ ਧੰਨਵਾਦ ਕੀਤਾ।
ਨੌਜਵਾਨ ਭਾਰਤ ਸਭਾ ਵੱਲੋਂ ਸੈਰ ਸਪਾਟਾ ਮੰਤਰੀ ਦਾ ਘਰ ਘੇਰਨ ਸਬੰਧੀ ਮੀਟਿੰਗ
ਤਰਨਤਾਰਨ, 16 ਸਤੰਬਰ (ਪਹਿਰੇਦਾਰ)- ਨੌਜਵਾਨ ਭਾਰਤ ਸਭਾ ਵੱਲੋਂ ਸੈਰ ਸਪਾਟਾ ਮੰਤਰੀ ਦਾ ਘਰ ਘੇਰਨ ਸਬੰਧੀ ਮੀਟਿੰਗ ਕੀਤੀ ਗਈ। ਆਗੂਆਂ ਨੇ ਕਿਹਾ ਕਿ ਨੌਜਵਾਨਾਂ ਦੀਆਂ ਮੰਗਾਂ ਵੱਲ ਸਰਕਾਰ ਧਿਆਨ ਨਹੀਂ ਦੇ ਰਹੀ, ਜਿਸ ਕਾਰਨ ਸੰਘਰਸ਼ ਤਿੱਖਾ ਕੀਤਾ ਜਾਵੇਗਾ। ਉਨ੍ਹਾਂ ਰੁਜ਼ਗਾਰ ਦੀ ਮੰਗ ਕੀਤੀ।
ਰੋਸ ਪ੍ਰਦਰਸ਼ਨ ਦੌਰਾਨ ਨਾਅਰੇਬਾਜ਼ੀ ਕਰਦੇ ਹੋਏ ਨੌਜਵਾਨ।
ਨੌਜਵਾਨ ਭਾਰਤ ਸਭਾ ਵੱਲੋਂ ਸੈਰ ਸਪਾਟਾ ਮੰਤਰੀ ਦਾ ਘਰ ਘੇਰਨ ਸਬੰਧੀ ਮੀਟਿੰਗ ਕੀਤੀ ਗਈ। ਆਗੂਆਂ ਨੇ ਕਿਹਾ ਕਿ ਨੌਜਵਾਨਾਂ ਦੀਆਂ ਮੰਗਾਂ ਵੱਲ ਸਰਕਾਰ ਧਿਆਨ ਨਹੀਂ ਦੇ ਰਹੀ, ਜਿਸ ਕਾਰਨ ਸੰਘਰਸ਼ ਤਿੱਖਾ ਕੀਤਾ ਜਾਵੇਗਾ। ਉਨ੍ਹਾਂ ਰੁਜ਼ਗਾਰ ਦੀ ਮੰਗ ਕੀਤੀ।
ਪਿੰਡ ਚੱਕ ਸਰੀਫ 'ਚ ਗੁਰੂ ਗ੍ਰੰਥ ਸਾਹਿਬ ਜੀ ਦਾ ਪਹਿਲਾ ਪ੍ਰਕਾਸ਼ ਦਿਹਾੜਾ ਮਨਾਇਆ ਗਿਆ
ਅੰਮ੍ਰਿਤਸਰ, 16 ਸਤੰਬਰ (ਰਕਸ਼ਕ ਸਿੰਘ ਸੈਣੀ)- ਪਿੰਡ ਚੱਕ ਸਰੀਫ ਵਿਖੇ ਸ੍ਰੀ ਗੁਰੂ ਗ੍ਰੰਥ ਸਾਹਿਬ ਜੀ ਦਾ ਪਹਿਲਾ ਪ੍ਰਕਾਸ਼ ਦਿਹਾੜਾ ਬੜੀ ਸ਼ਰਧਾ ਨਾਲ ਮਨਾਇਆ ਗਿਆ। ਇਸ ਮੌਕੇ ਸ੍ਰੀ ਅਖੰਡ ਪਾਠ ਸਾਹਿਬ ਦੇ ਭੋਗ ਪਾਏ ਗਏ। ਰਾਗੀ ਜਥਿਆਂ ਨੇ ਗੁਰਬਾਣੀ ਕੀਰਤਨ ਕੀਤਾ ਅਤੇ ਕਥਾ ਵਾਚਕਾਂ ਨੇ ਗੁਰੂ ਸਾਹਿਬ ਦੀ ਮਹਿਮਾ ਦਾ ਵਖਿਆਨ ਕੀਤਾ। ਸੰਗਤਾਂ ਨੇ ਵੱਡੀ ਗਿਣਤੀ ਵਿੱਚ ਹਾਜ਼ਰੀ ਭਰੀ ਅਤੇ ਗੁਰੂ ਕਾ ਲੰਗਰ ਅਤੁੱਟ ਵਰਤਿਆ।
ਗੁਰਦੁਆਰਾ ਡੇਰਾ ਬਾਬਾ ਅਜਾਪਾਲ ਸਿੰਘ ਜੀ ਪੱਟੀਆਂ ਵਿਖੇ ਨਾਨ ਵਿੱਚ ਸ੍ਰੀ ਗੁਰੂ ਗ੍ਰੰਥ ਸਾਹਿਬ ਜੀ ਦਾ ਪਹਿਲਾ ਪ੍ਰਕਾਸ਼ ਪੁਰਬ ਸ਼ਰਧਾ ਨਾਲ ਮਨਾਇਆ
ਲਾਂਡ 16 ਸਤੰਬਰ (ਸਾਹਿਬ ਸਿੰਘ)- ਗੁਰਦੁਆਰਾ ਸਾਹਿਬ ਵਿਖੇ ਪਹਿਲਾ ਪ੍ਰਕਾਸ਼ ਪੁਰਬ ਮਨਾਇਆ ਗਿਆ। ਸੰਨ 1604 ਵਿੱਚ ਸ੍ਰੀ ਗੁਰੂ ਅਰਜਨ ਦੇਵ ਜੀ ਵੱਲੋਂ ਸ੍ਰੀ ਦਰਬਾਰ ਸਾਹਿਬ ਵਿਖੇ ਸ੍ਰੀ ਗੁਰੂ ਗ੍ਰੰਥ ਸਾਹਿਬ ਜੀ ਦਾ ਪਹਿਲਾ ਪ੍ਰਕਾਸ਼ ਕੀਤਾ ਗਿਆ ਸੀ। ਇਸ ਮੌਕੇ ਸੰਗਤਾਂ ਨੇ ਵੱਡੀ ਗਿਣਤੀ ਵਿੱਚ ਹਾਜ਼ਰੀ ਭਰੀ। ਪ੍ਰਬੰਧਕਾਂ ਵੱਲੋਂ ਸਮੂਹ ਸੰਗਤ ਦਾ ਧੰਨਵਾਦ ਕੀਤਾ ਗਿਆ ਅਤੇ ਗੁਰੂ ਕਾ ਲੰਗਰ ਅਤੁੱਟ ਵਰਤਾਇਆ ਗਿਆ।
ਕਲਰ ਸਕੂਲ ਵਿੱਚ ਹਿੰਦੀ ਦਿਵਸ ਮਨਾਇਆ
ਅੰਮ੍ਰਿਤਸਰ, 16 ਸਤੰਬਰ (ਪਹਿਰੇਦਾਰ)- ਸਕੂਲ ਵਿੱਚ ਹਿੰਦੀ ਦਿਵਸ ਮਨਾਇਆ ਗਿਆ। ਇਸ ਮੌਕੇ ਵਿਦਿਆਰਥੀਆਂ ਨੇ ਕਵਿਤਾਵਾਂ, ਭਾਸ਼ਣ ਅਤੇ ਸੱਭਿਆਚਾਰਕ ਪ੍ਰੋਗਰਾਮ ਪੇਸ਼ ਕੀਤੇ। ਪ੍ਰਿੰਸੀਪਲ ਨੇ ਕਿਹਾ ਕਿ ਭਾਸ਼ਾਵਾਂ ਦਾ ਸਤਿਕਾਰ ਕਰਨਾ ਸਾਡਾ ਫਰਜ਼ ਹੈ। ਜੇਤੂ ਵਿਦਿਆਰਥੀਆਂ ਨੂੰ ਇਨਾਮ ਦੇ ਕੇ ਸਨਮਾਨਿਤ ਕੀਤਾ ਗਿਆ।
ਕੇਂਦਰ ਸਰਕਾਰ ਦਾ ਸਿੱਖ ਸਖਤਾਂ ਨੂੰ ਲੈ ਕੇ ਵੱਡਾ ਕਦਮ - ਸਿੰਘਪੁਰ
ਘਨੌਰ, 16 ਸਤੰਬਰ (ਰਕਸ਼ਕ ਸਿੰਘ ਸੈਣੀ)- ਕੇਂਦਰ ਸਰਕਾਰ ਵੱਲੋਂ ਸਿੱਖ ਭਾਈਚਾਰੇ ਨਾਲ ਸਬੰਧਤ ਲਏ ਗਏ ਫੈਸਲੇ ਦਾ ਸਵਾਗਤ ਕਰਦਿਆਂ ਆਗੂਆਂ ਨੇ ਕਿਹਾ ਕਿ ਇਹ ਇੱਕ ਇਤਿਹਾਸਕ ਕਦਮ ਹੈ। ਉਨ੍ਹਾਂ ਕਿਹਾ ਕਿ ਇਸ ਨਾਲ ਭਾਈਚਾਰੇ ਵਿੱਚ ਖੁਸ਼ੀ ਦੀ ਲਹਿਰ ਹੈ। ਇਸ ਮੌਕੇ ਹੋਰ ਆਗੂ ਵੀ ਹਾਜ਼ਰ ਸਨ ਜਿਨ੍ਹਾਂ ਨੇ ਆਪਣੇ ਵਿਚਾਰ ਰੱਖੇ ਅਤੇ ਸਰਕਾਰ ਦਾ ਧੰਨਵਾਦ ਕੀਤਾ।
